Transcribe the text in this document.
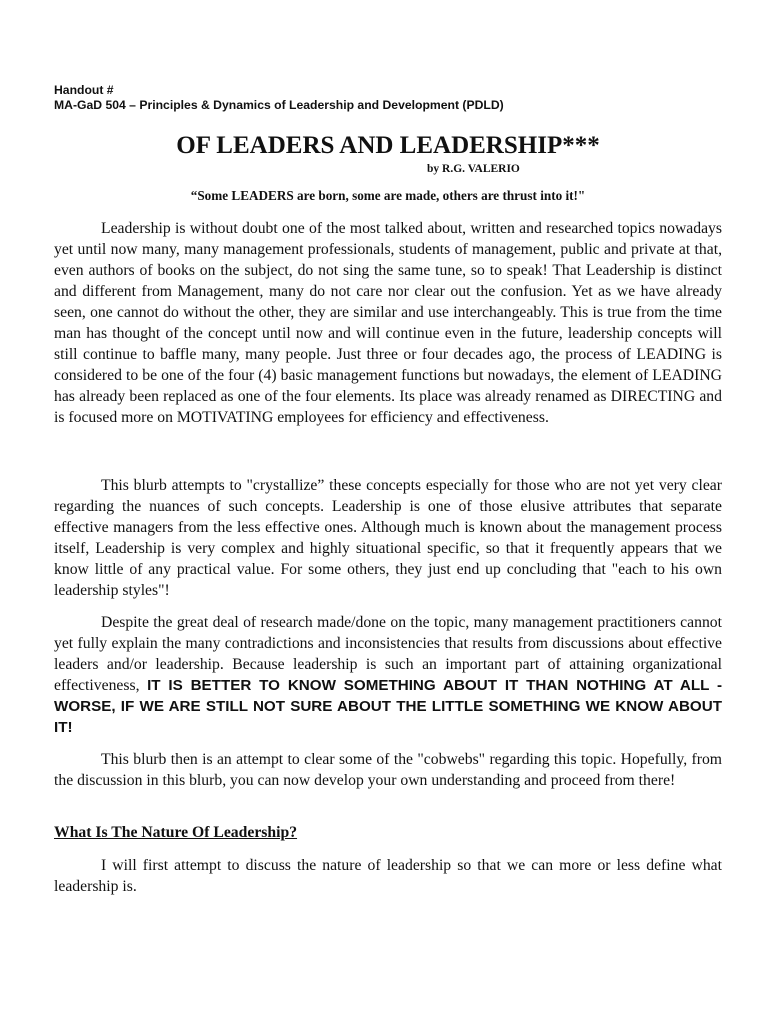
Handout #
MA-GaD 504 – Principles & Dynamics of Leadership and Development (PDLD)
OF LEADERS AND LEADERSHIP***
by R.G. VALERIO
“Some LEADERS are born, some are made, others are thrust into it!"

Leadership is without doubt one of the most talked about, written and researched topics nowadays yet until now many, many management professionals, students of management, public and private at that, even authors of books on the subject, do not sing the same tune, so to speak! That Leadership is distinct and different from Management, many do not care nor clear out the confusion. Yet as we have already seen, one cannot do without the other, they are similar and use interchangeably. This is true from the time man has thought of the concept until now and will continue even in the future, leadership concepts will still continue to baffle many, many people. Just three or four decades ago, the process of LEADING is considered to be one of the four (4) basic management functions but nowadays, the element of LEADING has already been replaced as one of the four elements. Its place was already renamed as DIRECTING and is focused more on MOTIVATING employees for efficiency and effectiveness.

This blurb attempts to "crystallize” these concepts especially for those who are not yet very clear regarding the nuances of such concepts. Leadership is one of those elusive attributes that separate effective managers from the less effective ones. Although much is known about the management process itself, Leadership is very complex and highly situational specific, so that it frequently appears that we know little of any practical value. For some others, they just end up concluding that "each to his own leadership styles"!

Despite the great deal of research made/done on the topic, many management practitioners cannot yet fully explain the many contradictions and inconsistencies that results from discussions about effective leaders and/or leadership. Because leadership is such an important part of attaining organizational effectiveness, IT IS BETTER TO KNOW SOMETHING ABOUT IT THAN NOTHING AT ALL - WORSE, IF WE ARE STILL NOT SURE ABOUT THE LITTLE SOMETHING WE KNOW ABOUT IT!

This blurb then is an attempt to clear some of the "cobwebs" regarding this topic. Hopefully, from the discussion in this blurb, you can now develop your own understanding and proceed from there!

What Is The Nature Of Leadership?

I will first attempt to discuss the nature of leadership so that we can more or less define what leadership is.
